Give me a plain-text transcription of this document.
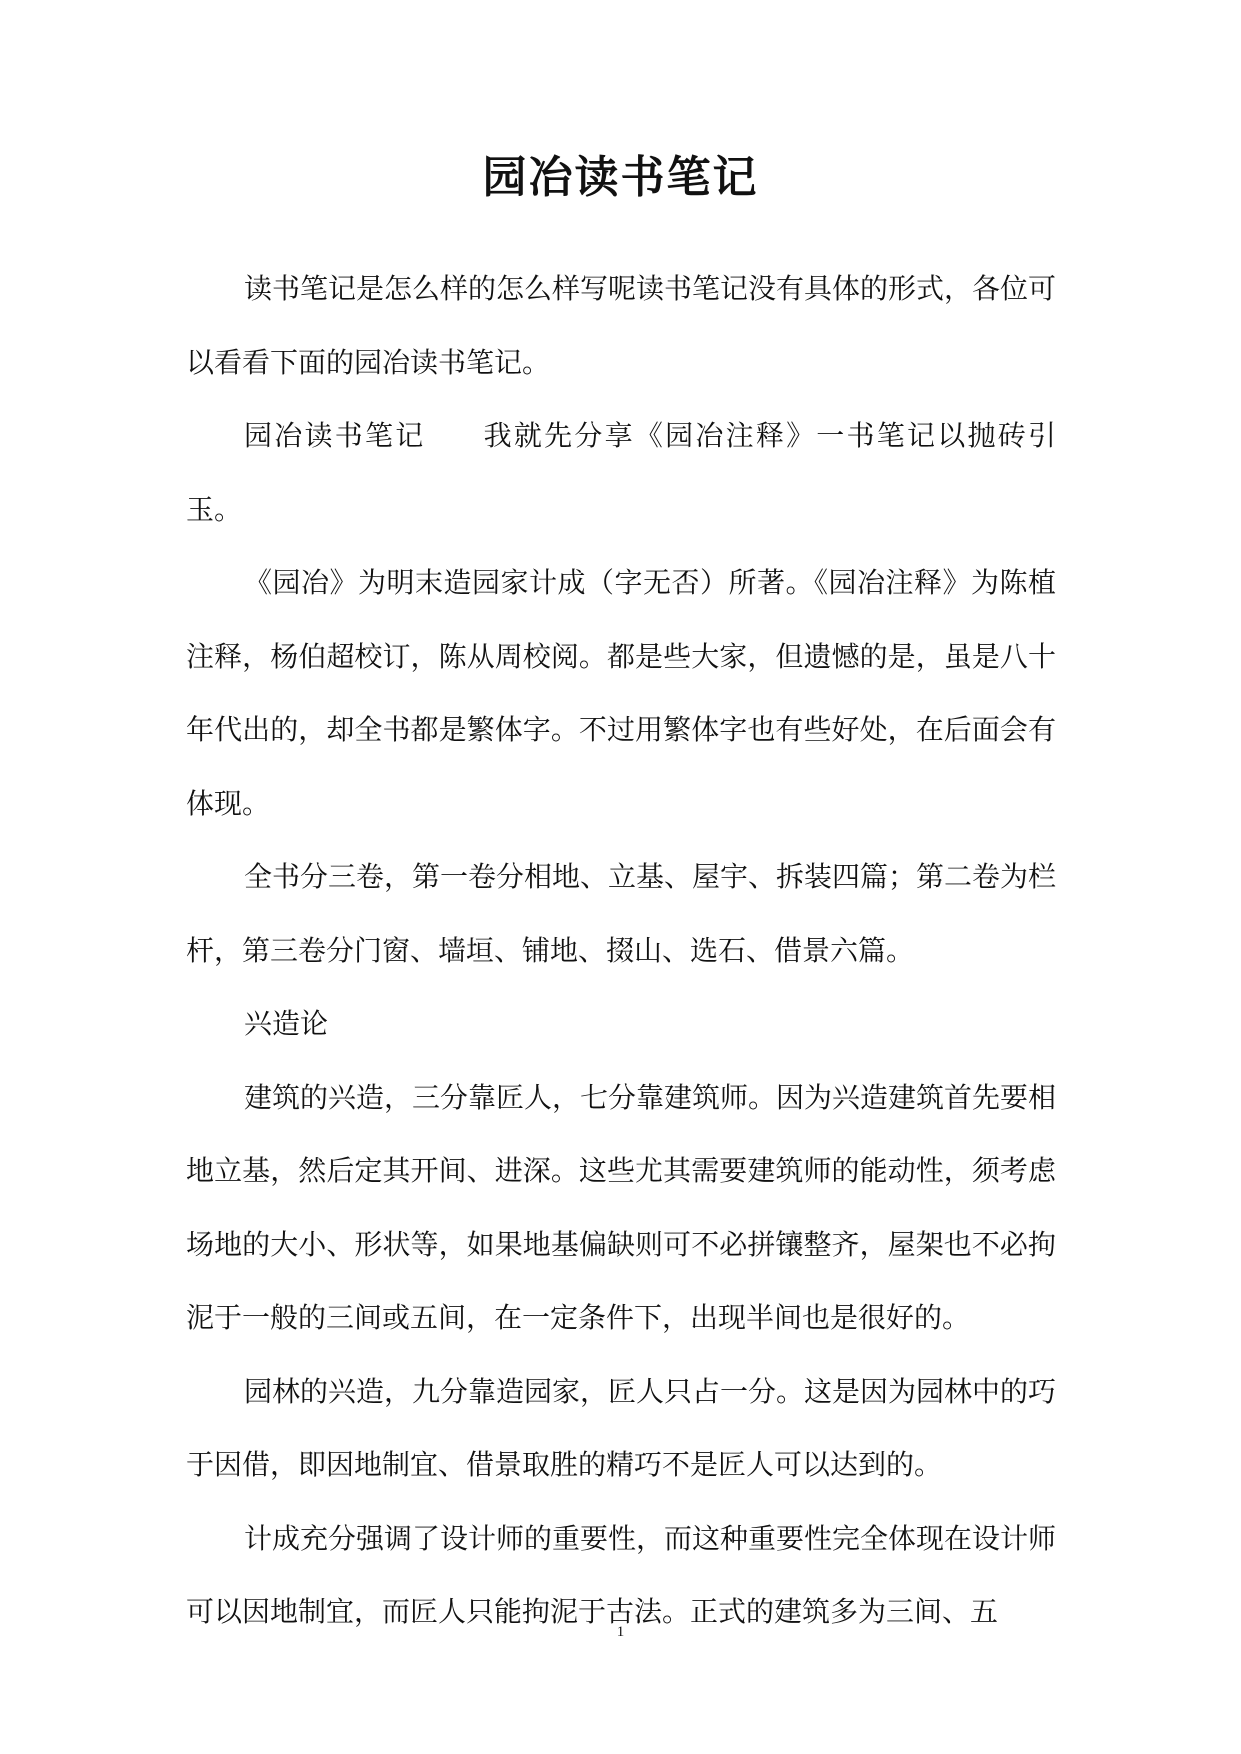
园冶读书笔记

读书笔记是怎么样的怎么样写呢读书笔记没有具体的形式，各位可以看看下面的园冶读书笔记。

园冶读书笔记 我就先分享《园冶注释》一书笔记以抛砖引玉。

《园冶》为明末造园家计成（字无否）所著。《园冶注释》为陈植注释，杨伯超校订，陈从周校阅。都是些大家，但遗憾的是，虽是八十年代出的，却全书都是繁体字。不过用繁体字也有些好处，在后面会有体现。

全书分三卷，第一卷分相地、立基、屋宇、拆装四篇；第二卷为栏杆，第三卷分门窗、墙垣、铺地、掇山、选石、借景六篇。

兴造论

建筑的兴造，三分靠匠人，七分靠建筑师。因为兴造建筑首先要相地立基，然后定其开间、进深。这些尤其需要建筑师的能动性，须考虑场地的大小、形状等，如果地基偏缺则可不必拼镶整齐，屋架也不必拘泥于一般的三间或五间，在一定条件下，出现半间也是很好的。

园林的兴造，九分靠造园家，匠人只占一分。这是因为园林中的巧于因借，即因地制宜、借景取胜的精巧不是匠人可以达到的。

计成充分强调了设计师的重要性，而这种重要性完全体现在设计师可以因地制宜，而匠人只能拘泥于古法。正式的建筑多为三间、五

1
